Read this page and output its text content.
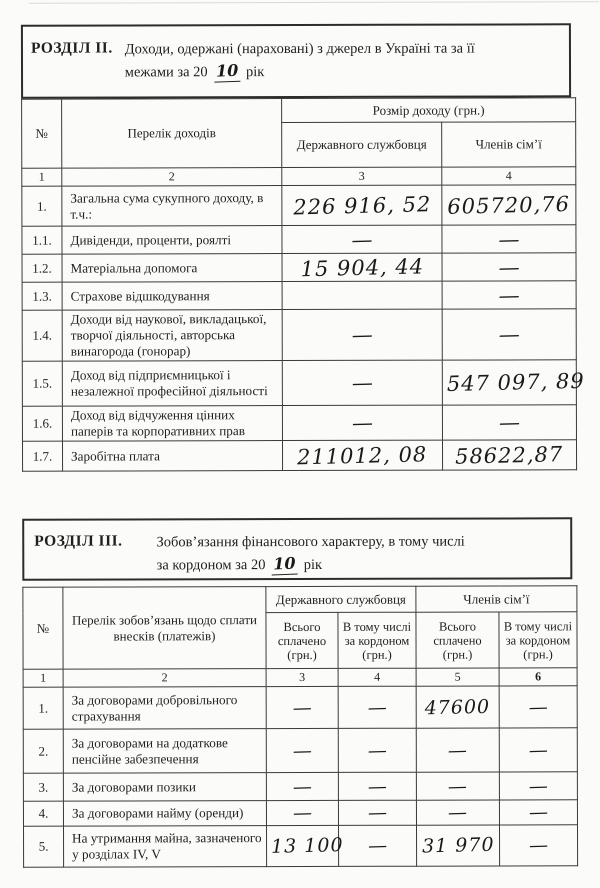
РОЗДІЛ II. Доходи, одержані (нараховані) з джерел в Україні та за її
межами за 20 10 рік
№	Перелік доходів	Розмір доходу (грн.)	
		Державного службовця	Членів сім’ї
1	2	3	4
1.	Загальна сума сукупного доходу, в т.ч.:	226 916, 52	605720,76
1.1.	Дивіденди, проценти, роялті	—	—
1.2.	Матеріальна допомога	15 904, 44	—
1.3.	Страхове відшкодування		—
1.4.	Доходи від наукової, викладацької, творчої діяльності, авторська винагорода (гонорар)	—	—
1.5.	Доход від підприємницької і незалежної професійної діяльності	—	547 097, 89
1.6.	Доход від відчуження цінних паперів та корпоративних прав	—	—
1.7.	Заробітна плата	211012, 08	58622,87
РОЗДІЛ III. Зобов’язання фінансового характеру, в тому числі
за кордоном за 20 10 рік
№	Перелік зобов’язань щодо сплати внесків (платежів)	Державного службовця		Членів сім’ї	
		Всього сплачено (грн.)	В тому числі за кордоном (грн.)	Всього сплачено (грн.)	В тому числі за кордоном (грн.)
1	2	3	4	5	6
1.	За договорами добровільного страхування	—	—	47600	—
2.	За договорами на додаткове пенсійне забезпечення	—	—	—	—
3.	За договорами позики	—	—	—	—
4.	За договорами найму (оренди)	—	—	—	—
5.	На утримання майна, зазначеного у розділах IV, V	13 100	—	31 970	—
